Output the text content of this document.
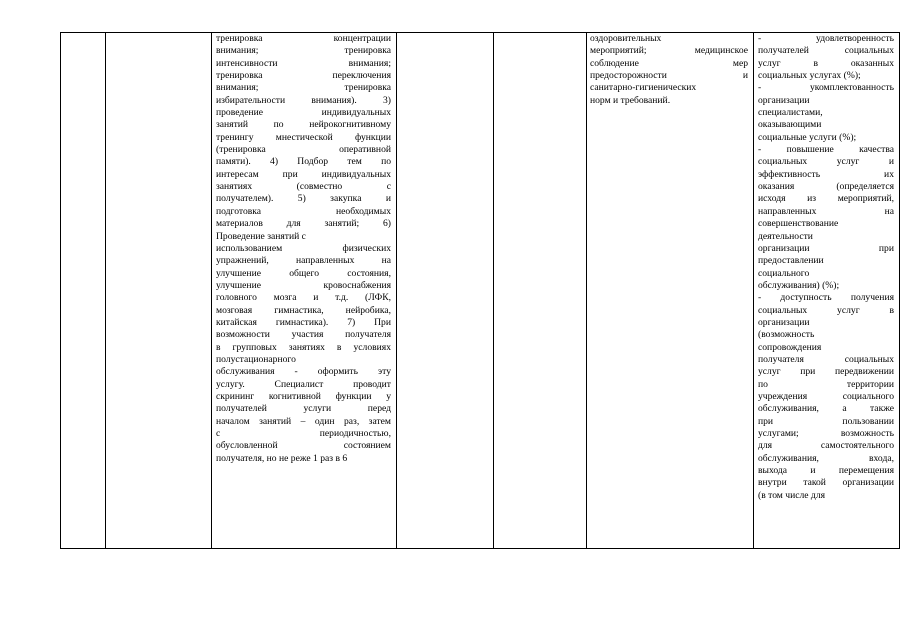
тренировка концентрации
внимания; тренировка
интенсивности внимания;
тренировка переключения
внимания; тренировка
избирательности внимания). 3)
проведение индивидуальных
занятий по нейрокогнитивному
тренингу мнестической функции
(тренировка оперативной
памяти). 4) Подбор тем по
интересам при индивидуальных
занятиях (совместно с
получателем). 5) закупка и
подготовка необходимых
материалов для занятий; 6)
Проведение занятий с
использованием физических
упражнений, направленных на
улучшение общего состояния,
улучшение кровоснабжения
головного мозга и т.д. (ЛФК,
мозговая гимнастика, нейробика,
китайская гимнастика). 7) При
возможности участия получателя
в групповых занятиях в условиях
полустационарного
обслуживания - оформить эту
услугу. Специалист проводит
скрининг когнитивной функции у
получателей услуги перед
началом занятий – один раз, затем
с периодичностью,
обусловленной состоянием
получателя, но не реже 1 раз в 6
оздоровительных
мероприятий; медицинское
соблюдение мер
предосторожности и
санитарно-гигиенических
норм и требований.
- удовлетворенность
получателей социальных
услуг в оказанных
социальных услугах (%);
- укомплектованность
организации
специалистами,
оказывающими
социальные услуги (%);
- повышение качества
социальных услуг и
эффективность их
оказания (определяется
исходя из мероприятий,
направленных на
совершенствование
деятельности
организации при
предоставлении
социального
обслуживания) (%);
- доступность получения
социальных услуг в
организации
(возможность
сопровождения
получателя социальных
услуг при передвижении
по территории
учреждения социального
обслуживания, а также
при пользовании
услугами; возможность
для самостоятельного
обслуживания, входа,
выхода и перемещения
внутри такой организации
(в том числе для
